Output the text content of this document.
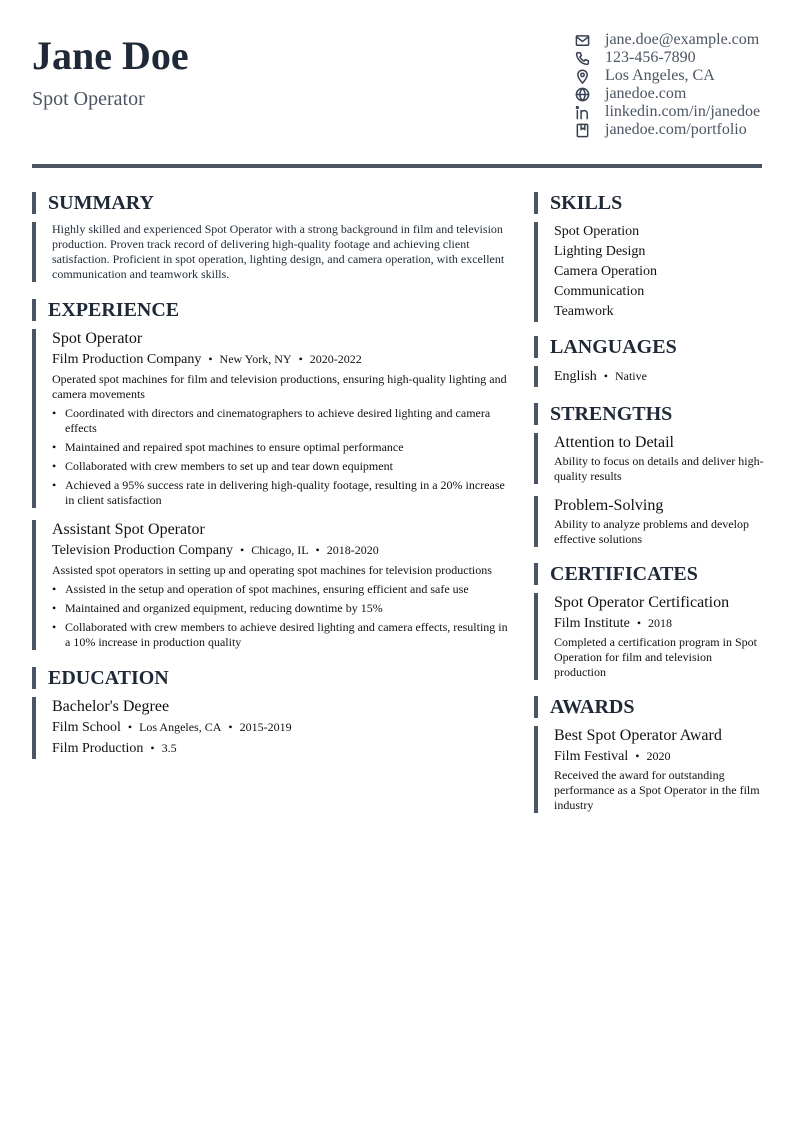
Jane Doe
Spot Operator
jane.doe@example.com
123-456-7890
Los Angeles, CA
janedoe.com
linkedin.com/in/janedoe
janedoe.com/portfolio
SUMMARY
Highly skilled and experienced Spot Operator with a strong background in film and television production. Proven track record of delivering high-quality footage and achieving client satisfaction. Proficient in spot operation, lighting design, and camera operation, with excellent communication and teamwork skills.
EXPERIENCE
Spot Operator
Film Production Company • New York, NY • 2020-2022
Operated spot machines for film and television productions, ensuring high-quality lighting and camera movements
• Coordinated with directors and cinematographers to achieve desired lighting and camera effects
• Maintained and repaired spot machines to ensure optimal performance
• Collaborated with crew members to set up and tear down equipment
• Achieved a 95% success rate in delivering high-quality footage, resulting in a 20% increase in client satisfaction
Assistant Spot Operator
Television Production Company • Chicago, IL • 2018-2020
Assisted spot operators in setting up and operating spot machines for television productions
• Assisted in the setup and operation of spot machines, ensuring efficient and safe use
• Maintained and organized equipment, reducing downtime by 15%
• Collaborated with crew members to achieve desired lighting and camera effects, resulting in a 10% increase in production quality
EDUCATION
Bachelor's Degree
Film School • Los Angeles, CA • 2015-2019
Film Production • 3.5
SKILLS
Spot Operation
Lighting Design
Camera Operation
Communication
Teamwork
LANGUAGES
English • Native
STRENGTHS
Attention to Detail
Ability to focus on details and deliver high-quality results
Problem-Solving
Ability to analyze problems and develop effective solutions
CERTIFICATES
Spot Operator Certification
Film Institute • 2018
Completed a certification program in Spot Operation for film and television production
AWARDS
Best Spot Operator Award
Film Festival • 2020
Received the award for outstanding performance as a Spot Operator in the film industry
